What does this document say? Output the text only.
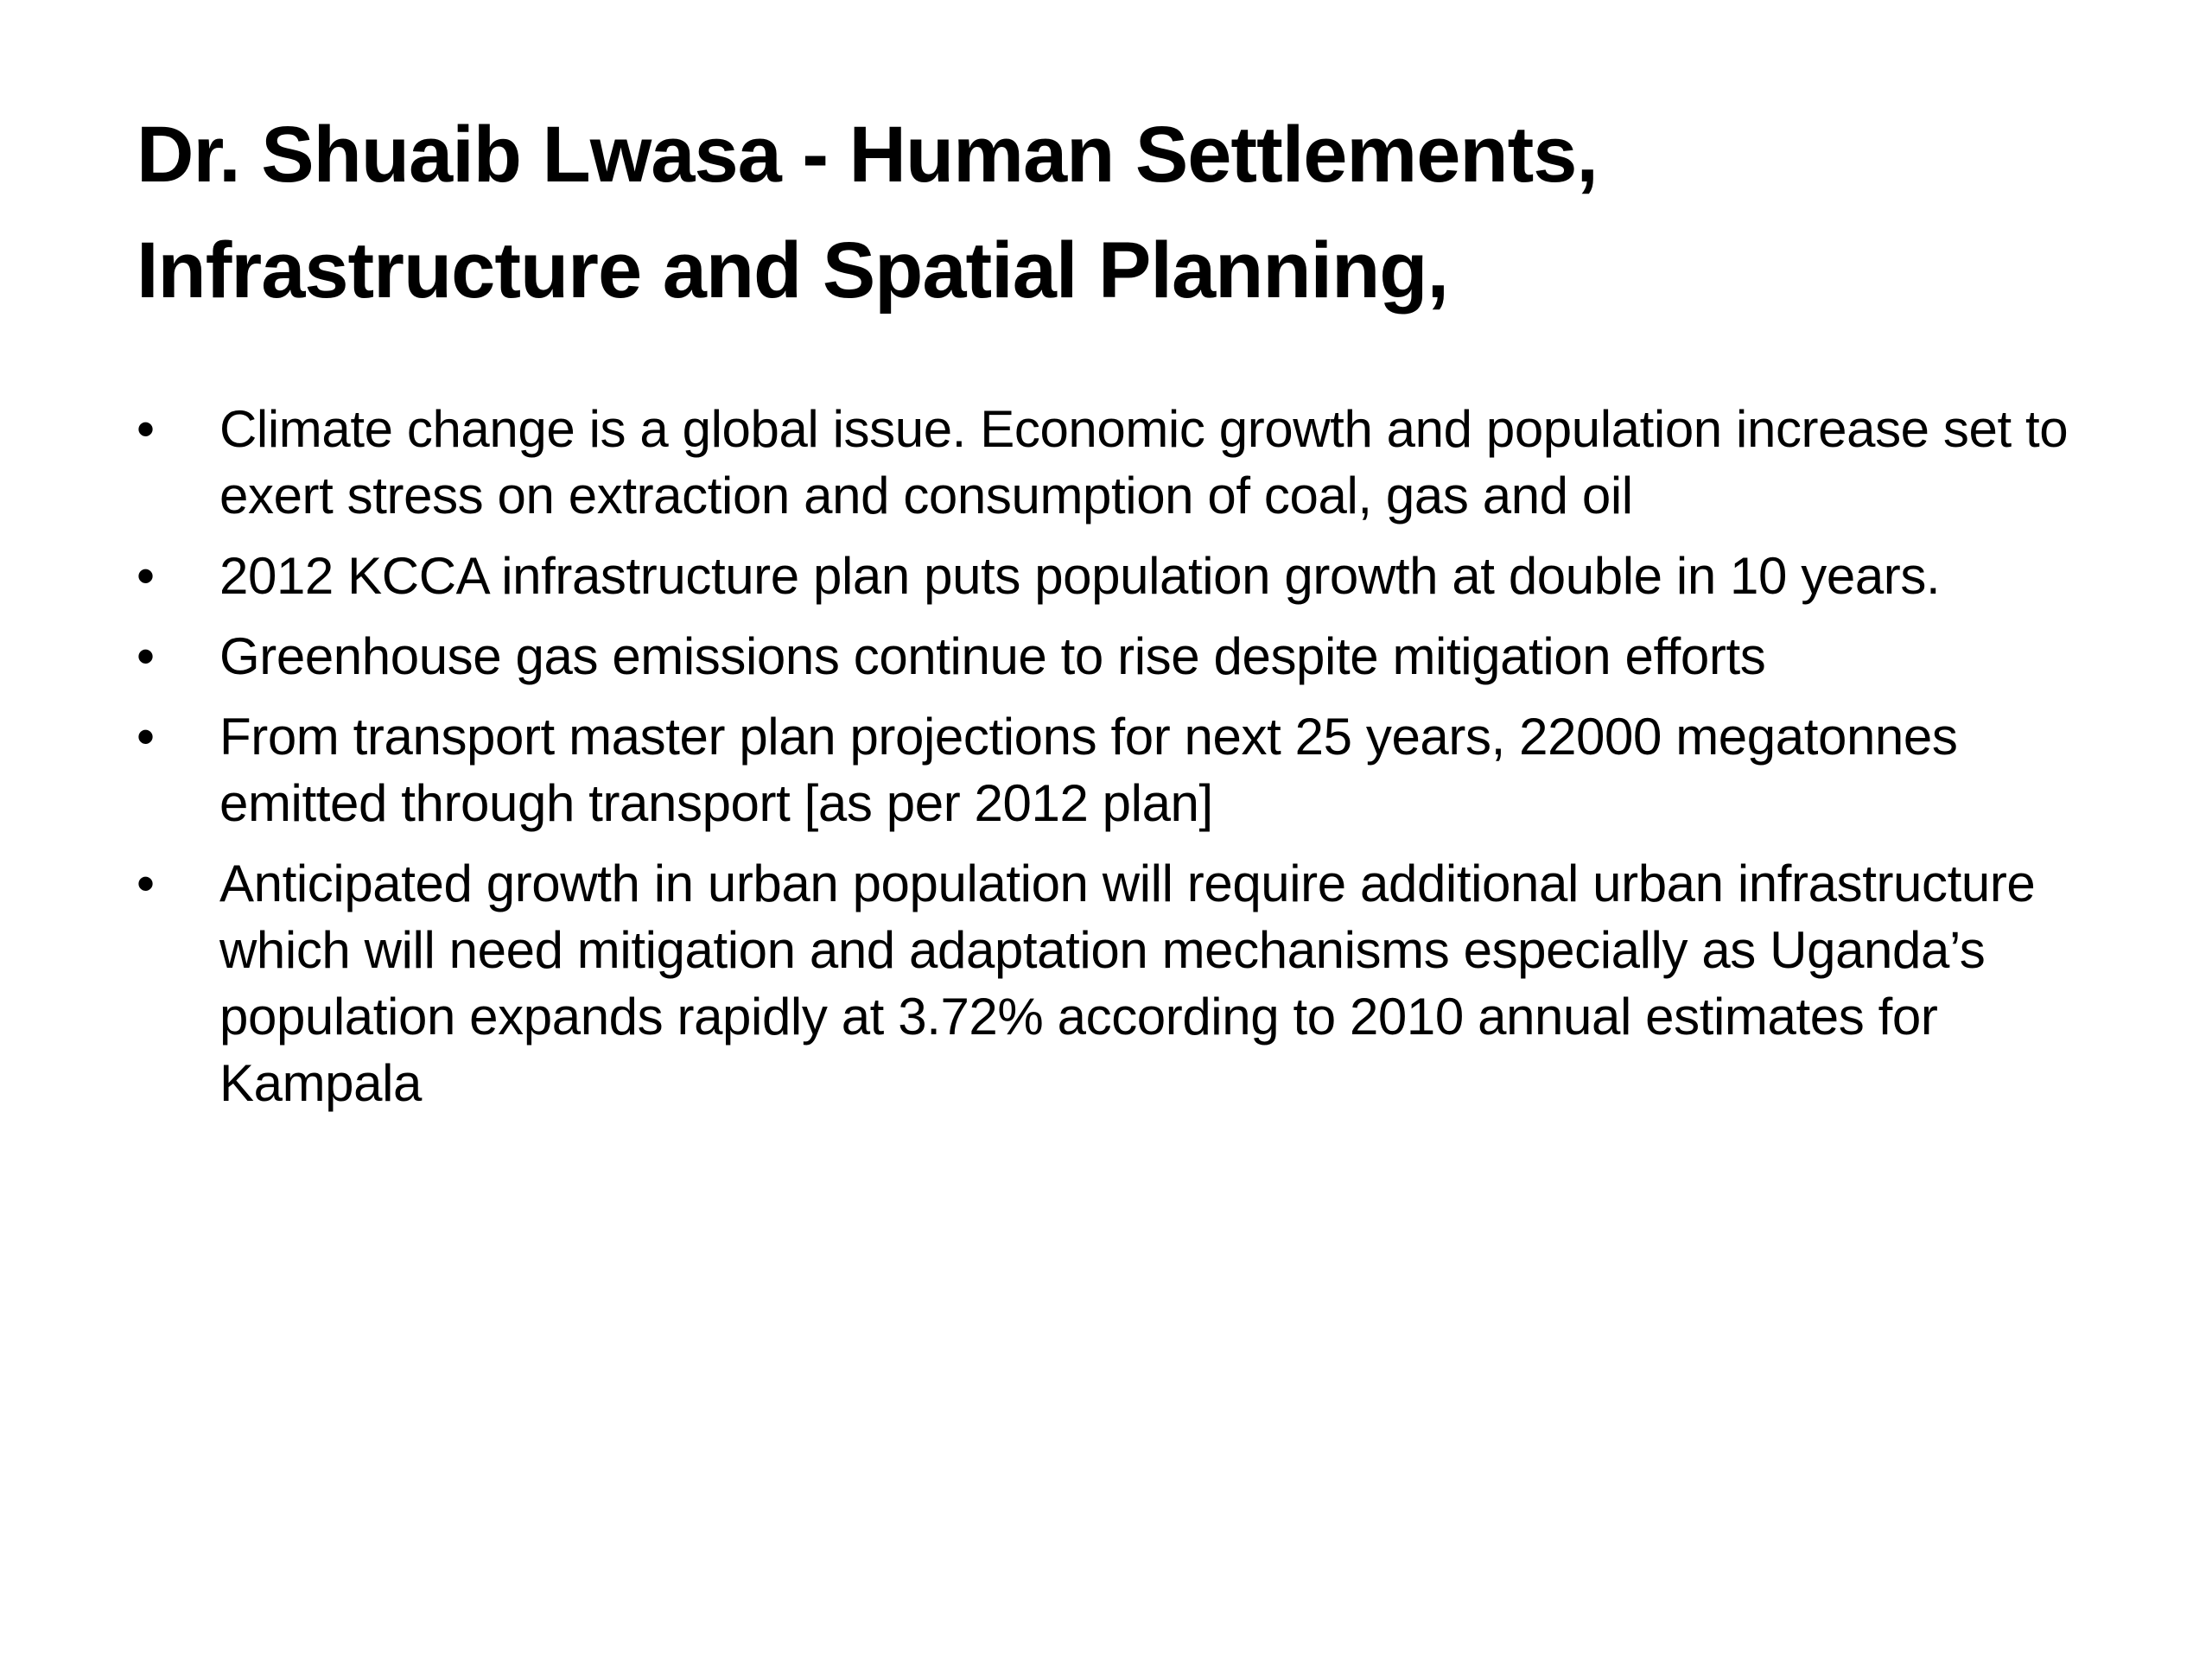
Dr. Shuaib Lwasa - Human Settlements,
Infrastructure and Spatial Planning,
• Climate change is a global issue. Economic growth and population increase set to exert stress on extraction and consumption of coal, gas and oil
• 2012 KCCA infrastructure plan puts population growth at double in 10 years.
• Greenhouse gas emissions continue to rise despite mitigation efforts
• From transport master plan projections for next 25 years, 22000 megatonnes emitted through transport [as per 2012 plan]
• Anticipated growth in urban population will require additional urban infrastructure which will need mitigation and adaptation mechanisms especially as Uganda’s population expands rapidly at 3.72% according to 2010 annual estimates for Kampala
